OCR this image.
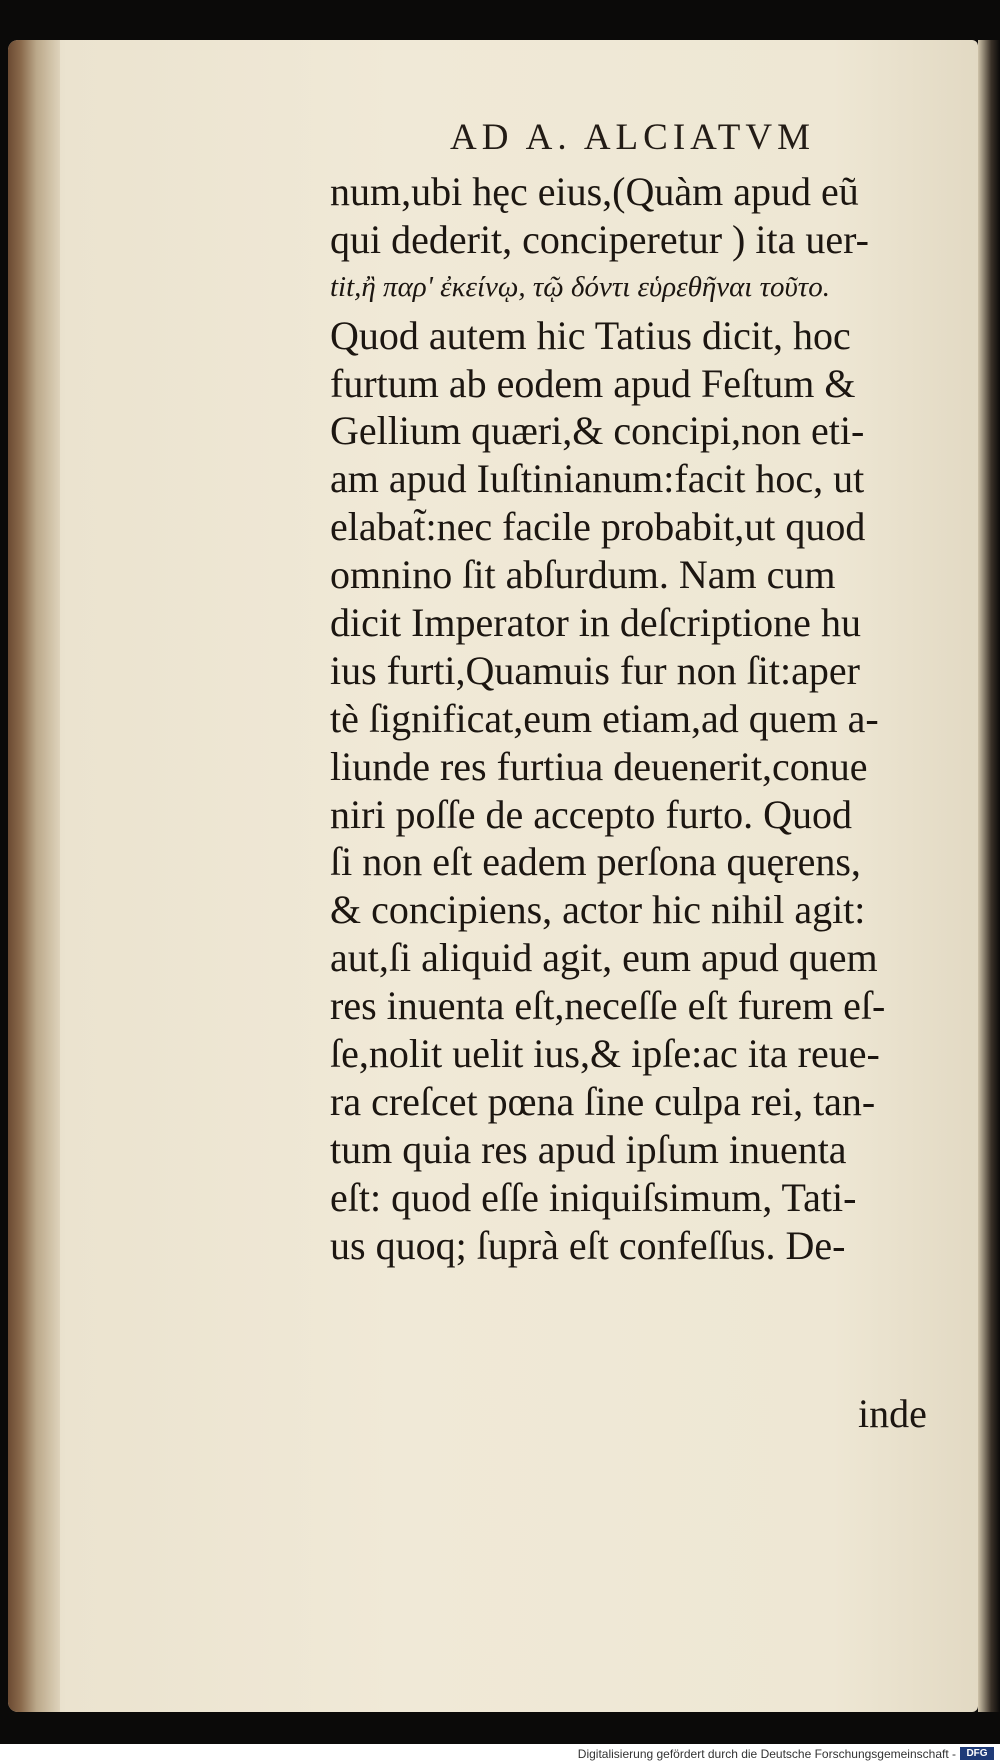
AD A. ALCIATVM
num,ubi hęc eius,(Quàm apud eũ
qui dederit, conciperetur ) ita uer-
tit,ἢ παρ' ἐκείνῳ, τῷ δόντι εὑρεθῆναι τοῦτο.
Quod autem hic Tatius dicit, hoc
furtum ab eodem apud Feſtum &
Gellium quæri,& concipi,non eti-
am apud Iuſtinianum:facit hoc, ut
elabat̃:nec facile probabit,ut quod
omnino ſit abſurdum. Nam cum
dicit Imperator in deſcriptione hu
ius furti,Quamuis fur non ſit:aper
tè ſignificat,eum etiam,ad quem a-
liunde res furtiua deuenerit,conue
niri poſſe de accepto furto. Quod
ſi non eſt eadem perſona quęrens,
& concipiens, actor hic nihil agit:
aut,ſi aliquid agit, eum apud quem
res inuenta eſt,neceſſe eſt furem eſ-
ſe,nolit uelit ius,& ipſe:ac ita reue-
ra creſcet pœna ſine culpa rei, tan-
tum quia res apud ipſum inuenta
eſt: quod eſſe iniquiſsimum, Tati-
us quoq; ſuprà eſt confeſſus. De-
inde
Digitalisierung gefördert durch die Deutsche Forschungsgemeinschaft -	DFG
